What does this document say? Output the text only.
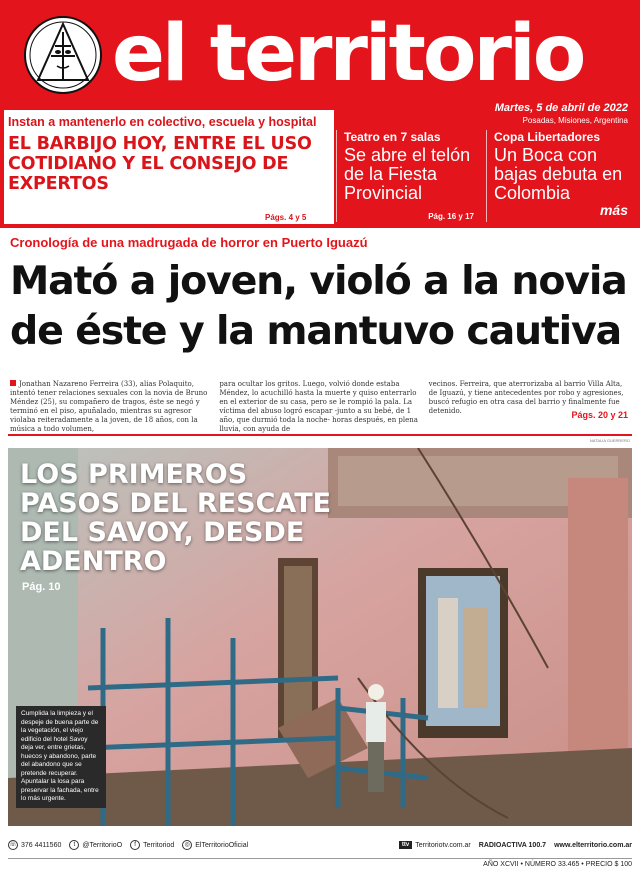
el territorio
Martes, 5 de abril de 2022
Posadas, Misiones, Argentina
Instan a mantenerlo en colectivo, escuela y hospital
EL BARBIJO HOY, ENTRE EL USO COTIDIANO Y EL CONSEJO DE EXPERTOS
Págs. 4 y 5
Teatro en 7 salas
Se abre el telón de la Fiesta Provincial
Pág. 16 y 17
Copa Libertadores
Un Boca con bajas debuta en Colombia
más
Cronología de una madrugada de horror en Puerto Iguazú
Mató a joven, violó a la novia de éste y la mantuvo cautiva
Jonathan Nazareno Ferreira (33), alias Polaquito, intentó tener relaciones sexuales con la novia de Bruno Méndez (25), su compañero de tragos, éste se negó y terminó en el piso, apuñalado, mientras su agresor violaba reiteradamente a la joven, de 18 años, con la música a todo volumen,
para ocultar los gritos. Luego, volvió donde estaba Méndez, lo acuchilló hasta la muerte y quiso enterrarlo en el exterior de su casa, pero se le rompió la pala. La víctima del abuso logró escapar -junto a su bebé, de 1 año, que durmió toda la noche- horas después, en plena lluvia, con ayuda de
vecinos. Ferreira, que aterrorizaba al barrio Villa Alta, de Iguazú, y tiene antecedentes por robo y agresiones, buscó refugio en otra casa del barrio y finalmente fue detenido.	Págs. 20 y 21
NATALIA GUERRERO
LOS PRIMEROS PASOS DEL RESCATE DEL SAVOY, DESDE ADENTRO
Pág. 10
Cumplida la limpieza y el despeje de buena parte de la vegetación, el viejo edificio del hotel Savoy deja ver, entre grietas, huecos y abandono, parte del abandono que se pretende recuperar. Apuntalar la losa para preservar la fachada, entre lo más urgente.
☏ 376 4411560	t	@TerritorioO	f	Territoriod	◎ ElTerritorioOficial	ttv Territoriotv.com.ar RADIOACTIVA 100.7 www.elterritorio.com.ar
AÑO XCVII • NÚMERO 33.465 • PRECIO $ 100
